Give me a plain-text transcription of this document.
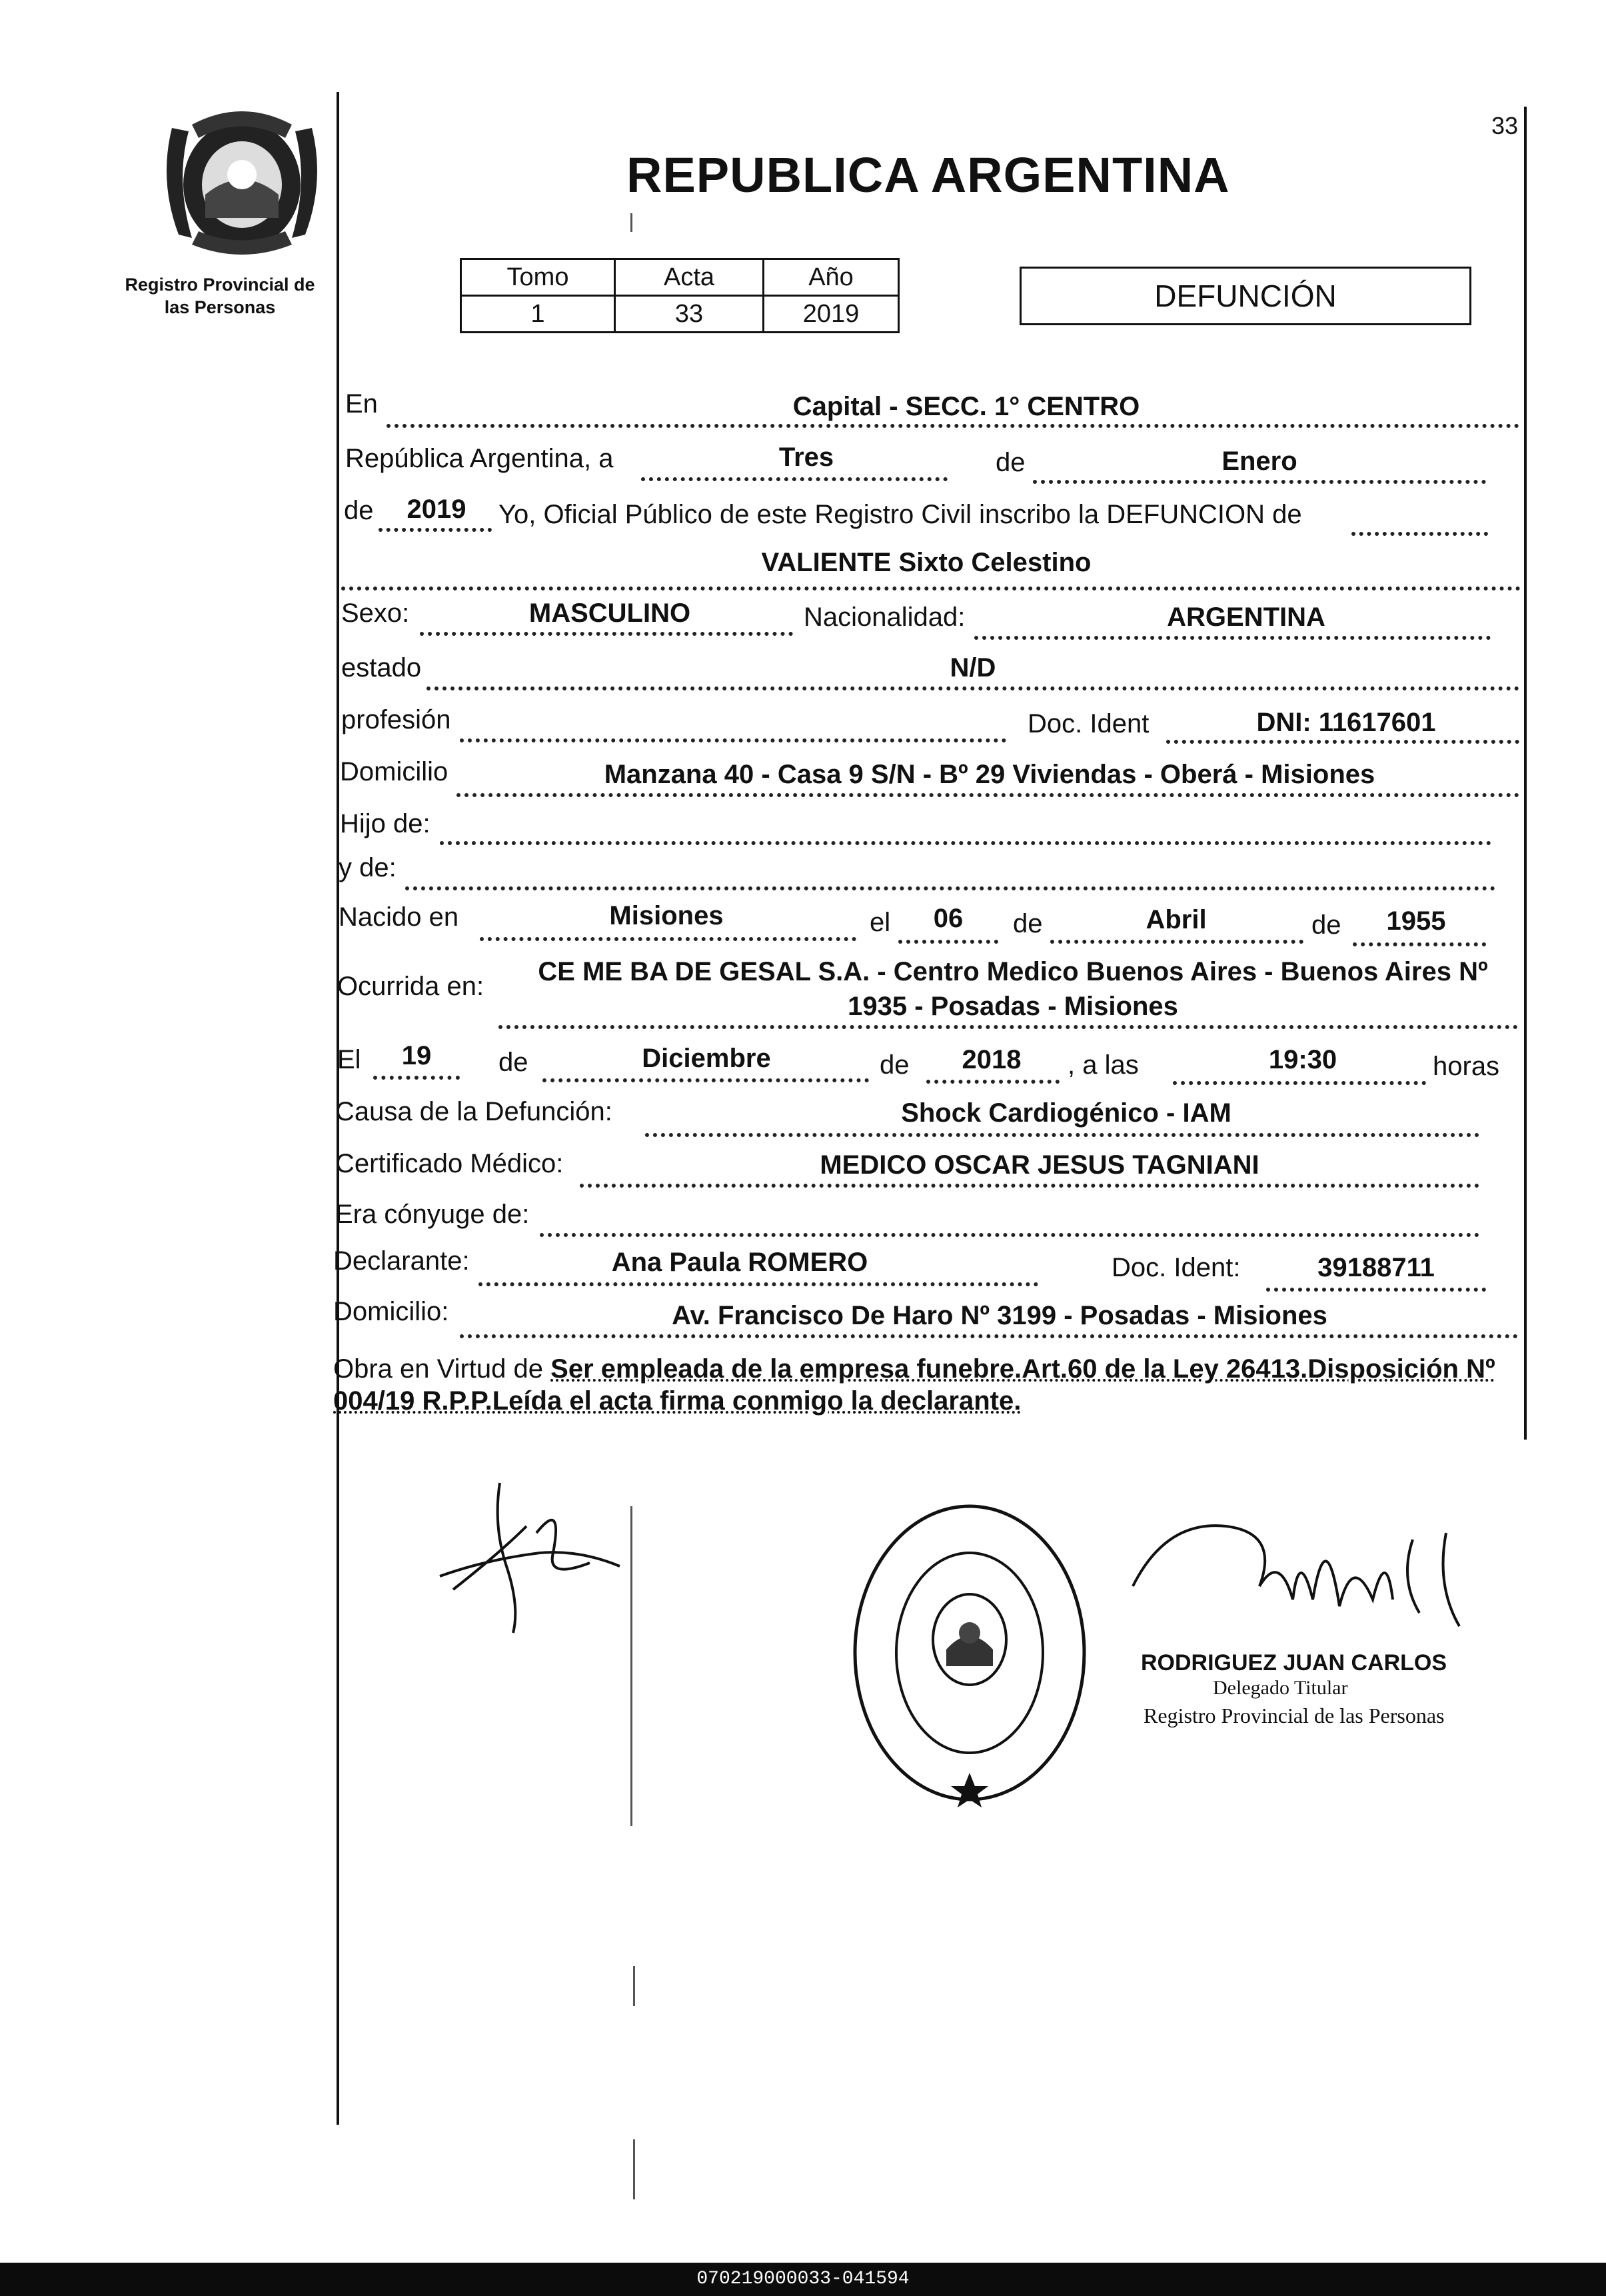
33
Registro Provincial de
las Personas
REPUBLICA ARGENTINA
Tomo	Acta	Año
1	33	2019
DEFUNCIÓN
En	Capital - SECC. 1° CENTRO
República Argentina, a	Tres	de	Enero
de	2019	Yo, Oficial Público de este Registro Civil inscribo la DEFUNCION de
VALIENTE Sixto Celestino
Sexo:	MASCULINO	Nacionalidad:	ARGENTINA
estado	N/D
profesión	Doc. Ident	DNI: 11617601
Domicilio	Manzana 40 - Casa 9 S/N - Bº 29 Viviendas - Oberá - Misiones
Hijo de:
y de:
Nacido en	Misiones	el	06	de	Abril	de	1955
Ocurrida en:	CE ME BA DE GESAL S.A. - Centro Medico Buenos Aires - Buenos Aires Nº
1935 - Posadas - Misiones
El	19	de	Diciembre	de	2018	, a las	19:30	horas
Causa de la Defunción:	Shock Cardiogénico - IAM
Certificado Médico:	MEDICO OSCAR JESUS TAGNIANI
Era cónyuge de:
Declarante:	Ana Paula ROMERO	Doc. Ident:	39188711
Domicilio:	Av. Francisco De Haro Nº 3199 - Posadas - Misiones
Obra en Virtud de Ser empleada de la empresa funebre.Art.60 de la Ley 26413.Disposición Nº 004/19 R.P.P.Leída el acta firma conmigo la declarante.
RODRIGUEZ JUAN CARLOS
Delegado Titular
Registro Provincial de las Personas
070219000033-041594
